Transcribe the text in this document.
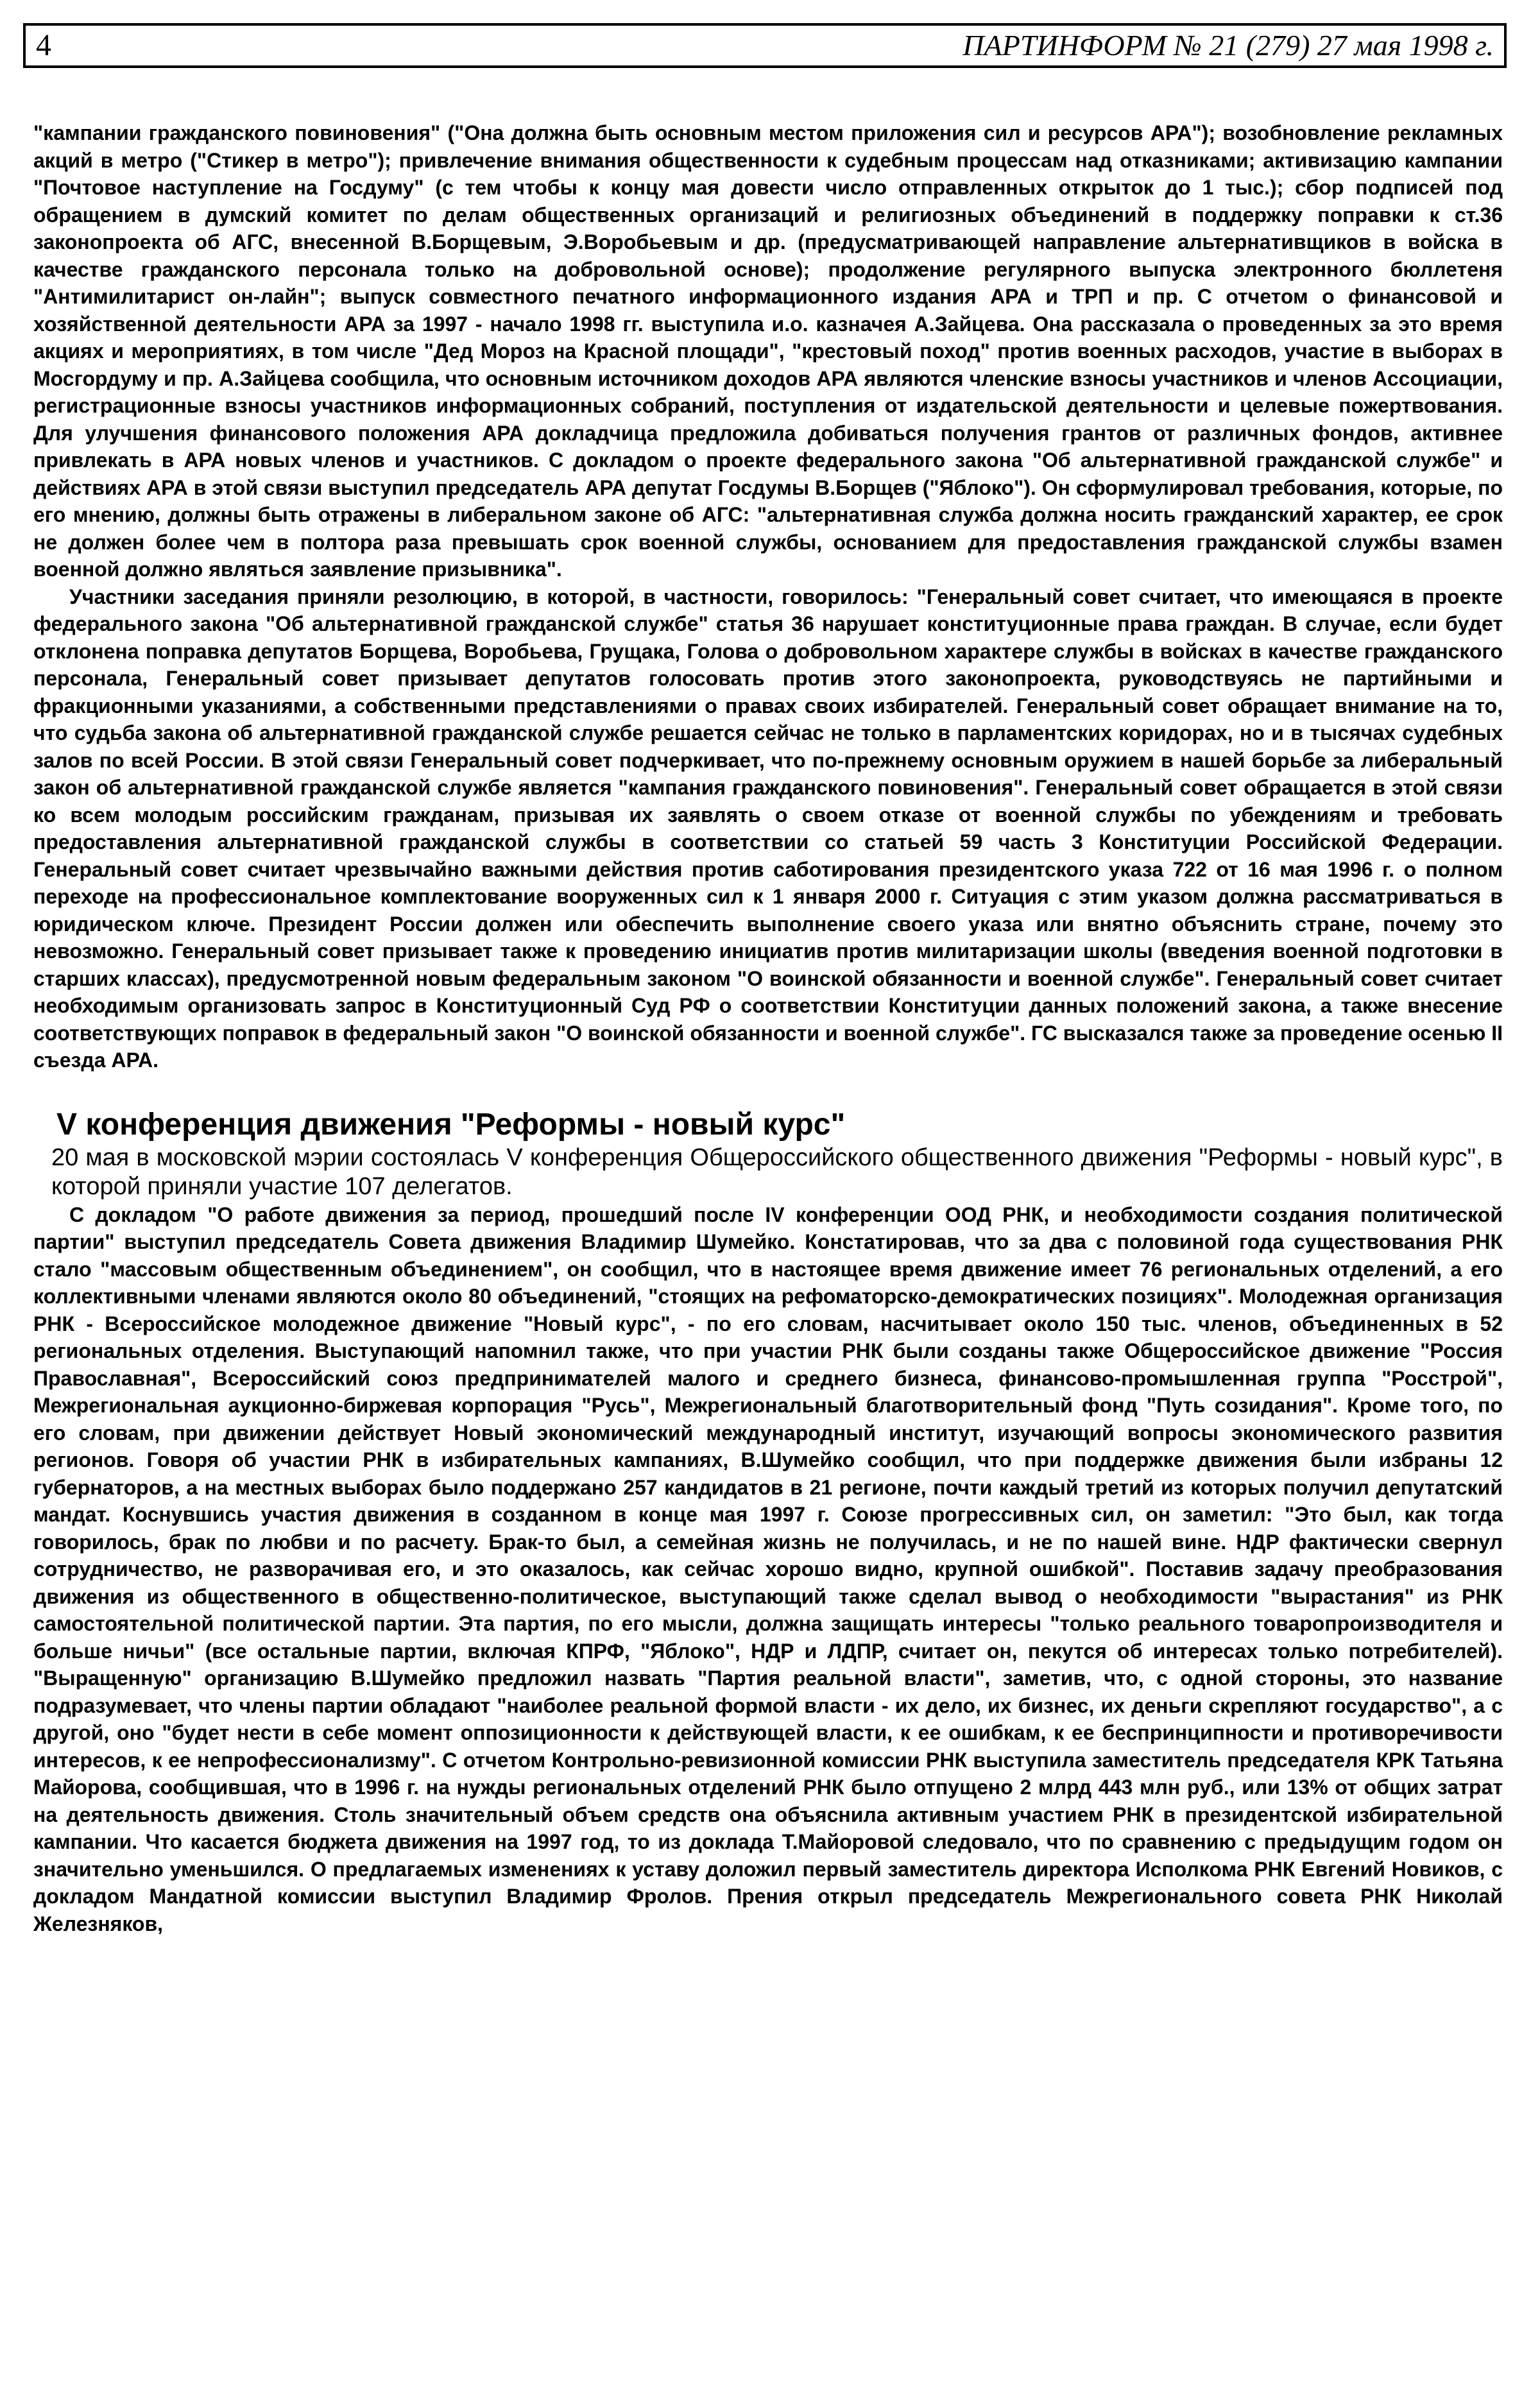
4	ПАРТИНФОРМ № 21 (279) 27 мая 1998 г.

"кампании гражданского повиновения" ("Она должна быть основным местом приложения сил и ресурсов АРА"); возобновление рекламных акций в метро ("Стикер в метро"); привлечение внимания общественности к судебным процессам над отказниками; активизацию кампании "Почтовое наступление на Госдуму" (с тем чтобы к концу мая довести число отправленных открыток до 1 тыс.); сбор подписей под обращением в думский комитет по делам общественных организаций и религиозных объединений в поддержку поправки к ст.36 законопроекта об АГС, внесенной В.Борщевым, Э.Воробьевым и др. (предусматривающей направление альтернативщиков в войска в качестве гражданского персонала только на добровольной основе); продолжение регулярного выпуска электронного бюллетеня "Антимилитарист он-лайн"; выпуск совместного печатного информационного издания АРА и ТРП и пр. С отчетом о финансовой и хозяйственной деятельности АРА за 1997 - начало 1998 гг. выступила и.о. казначея А.Зайцева. Она рассказала о проведенных за это время акциях и мероприятиях, в том числе "Дед Мороз на Красной площади", "крестовый поход" против военных расходов, участие в выборах в Мосгордуму и пр. А.Зайцева сообщила, что основным источником доходов АРА являются членские взносы участников и членов Ассоциации, регистрационные взносы участников информационных собраний, поступления от издательской деятельности и целевые пожертвования. Для улучшения финансового положения АРА докладчица предложила добиваться получения грантов от различных фондов, активнее привлекать в АРА новых членов и участников. С докладом о проекте федерального закона "Об альтернативной гражданской службе" и действиях АРА в этой связи выступил председатель АРА депутат Госдумы В.Борщев ("Яблоко"). Он сформулировал требования, которые, по его мнению, должны быть отражены в либеральном законе об АГС: "альтернативная служба должна носить гражданский характер, ее срок не должен более чем в полтора раза превышать срок военной службы, основанием для предоставления гражданской службы взамен военной должно являться заявление призывника".

Участники заседания приняли резолюцию, в которой, в частности, говорилось: "Генеральный совет считает, что имеющаяся в проекте федерального закона "Об альтернативной гражданской службе" статья 36 нарушает конституционные права граждан. В случае, если будет отклонена поправка депутатов Борщева, Воробьева, Грущака, Голова о добровольном характере службы в войсках в качестве гражданского персонала, Генеральный совет призывает депутатов голосовать против этого законопроекта, руководствуясь не партийными и фракционными указаниями, а собственными представлениями о правах своих избирателей. Генеральный совет обращает внимание на то, что судьба закона об альтернативной гражданской службе решается сейчас не только в парламентских коридорах, но и в тысячах судебных залов по всей России. В этой связи Генеральный совет подчеркивает, что по-прежнему основным оружием в нашей борьбе за либеральный закон об альтернативной гражданской службе является "кампания гражданского повиновения". Генеральный совет обращается в этой связи ко всем молодым российским гражданам, призывая их заявлять о своем отказе от военной службы по убеждениям и требовать предоставления альтернативной гражданской службы в соответствии со статьей 59 часть 3 Конституции Российской Федерации. Генеральный совет считает чрезвычайно важными действия против саботирования президентского указа 722 от 16 мая 1996 г. о полном переходе на профессиональное комплектование вооруженных сил к 1 января 2000 г. Ситуация с этим указом должна рассматриваться в юридическом ключе. Президент России должен или обеспечить выполнение своего указа или внятно объяснить стране, почему это невозможно. Генеральный совет призывает также к проведению инициатив против милитаризации школы (введения военной подготовки в старших классах), предусмотренной новым федеральным законом "О воинской обязанности и военной службе". Генеральный совет считает необходимым организовать запрос в Конституционный Суд РФ о соответствии Конституции данных положений закона, а также внесение соответствующих поправок в федеральный закон "О воинской обязанности и военной службе". ГС высказался также за проведение осенью II съезда АРА.

V конференция движения "Реформы - новый курс"

20 мая в московской мэрии состоялась V конференция Общероссийского общественного движения "Реформы - новый курс", в которой приняли участие 107 делегатов.

С докладом "О работе движения за период, прошедший после IV конференции ООД РНК, и необходимости создания политической партии" выступил председатель Совета движения Владимир Шумейко. Констатировав, что за два с половиной года существования РНК стало "массовым общественным объединением", он сообщил, что в настоящее время движение имеет 76 региональных отделений, а его коллективными членами являются около 80 объединений, "стоящих на рефоматорско-демократических позициях". Молодежная организация РНК - Всероссийское молодежное движение "Новый курс", - по его словам, насчитывает около 150 тыс. членов, объединенных в 52 региональных отделения. Выступающий напомнил также, что при участии РНК были созданы также Общероссийское движение "Россия Православная", Всероссийский союз предпринимателей малого и среднего бизнеса, финансово-промышленная группа "Росстрой", Межрегиональная аукционно-биржевая корпорация "Русь", Межрегиональный благотворительный фонд "Путь созидания". Кроме того, по его словам, при движении действует Новый экономический международный институт, изучающий вопросы экономического развития регионов. Говоря об участии РНК в избирательных кампаниях, В.Шумейко сообщил, что при поддержке движения были избраны 12 губернаторов, а на местных выборах было поддержано 257 кандидатов в 21 регионе, почти каждый третий из которых получил депутатский мандат. Коснувшись участия движения в созданном в конце мая 1997 г. Союзе прогрессивных сил, он заметил: "Это был, как тогда говорилось, брак по любви и по расчету. Брак-то был, а семейная жизнь не получилась, и не по нашей вине. НДР фактически свернул сотрудничество, не разворачивая его, и это оказалось, как сейчас хорошо видно, крупной ошибкой". Поставив задачу преобразования движения из общественного в общественно-политическое, выступающий также сделал вывод о необходимости "вырастания" из РНК самостоятельной политической партии. Эта партия, по его мысли, должна защищать интересы "только реального товаропроизводителя и больше ничьи" (все остальные партии, включая КПРФ, "Яблоко", НДР и ЛДПР, считает он, пекутся об интересах только потребителей). "Выращенную" организацию В.Шумейко предложил назвать "Партия реальной власти", заметив, что, с одной стороны, это название подразумевает, что члены партии обладают "наиболее реальной формой власти - их дело, их бизнес, их деньги скрепляют государство", а с другой, оно "будет нести в себе момент оппозиционности к действующей власти, к ее ошибкам, к ее беспринципности и противоречивости интересов, к ее непрофессионализму". С отчетом Контрольно-ревизионной комиссии РНК выступила заместитель председателя КРК Татьяна Майорова, сообщившая, что в 1996 г. на нужды региональных отделений РНК было отпущено 2 млрд 443 млн руб., или 13% от общих затрат на деятельность движения. Столь значительный объем средств она объяснила активным участием РНК в президентской избирательной кампании. Что касается бюджета движения на 1997 год, то из доклада Т.Майоровой следовало, что по сравнению с предыдущим годом он значительно уменьшился. О предлагаемых изменениях к уставу доложил первый заместитель директора Исполкома РНК Евгений Новиков, с докладом Мандатной комиссии выступил Владимир Фролов. Прения открыл председатель Межрегионального совета РНК Николай Железняков,
